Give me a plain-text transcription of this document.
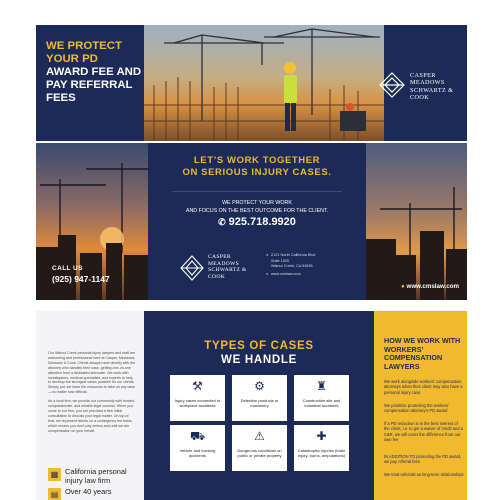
WE PROTECT YOUR PD
AWARD FEE AND PAY REFERRAL FEES
CASPER
MEADOWS
SCHWARTZ &
COOK
LET’S WORK TOGETHER
ON SERIOUS INJURY CASES.
WE PROTECT YOUR WORK
AND FOCUS ON THE BEST OUTCOME FOR THE CLIENT.
✆ 925.718.9920
CASPER
MEADOWS
SCHWARTZ &
COOK
● 2121 North California Blvd
Suite 1020
Walnut Creek, CA 94596
● www.cmslaw.com
CALL US
(925) 947-1147
● www.cmslaw.com

Our Walnut Creek personal injury lawyers and staff are welcoming and professional here at Casper, Meadows, Schwartz & Cook. Clients always meet directly with the attorney who handles their case, getting one-on-one attention from a dedicated advocate. We work with investigators, medical specialists, and experts to help to develop the strongest cases possible for our clients. Simply put, we have the resources to take on any case—no matter how difficult.

As a local firm, we provide our community with trusted, compassionate, and reliable legal counsel. When you come to our firm, you are provided a free initial consultation to discuss your legal matter. On top of that, we represent clients on a contingency fee basis, which means you don't pay unless and until we win compensation on your behalf.

▦ California personal injury law firm
▤ Over 40 years
TYPES OF CASES
WE HANDLE
⚒
Injury cases connected to workplace accidents
⚙
Defective products or machinery
♜
Construction site and industrial accidents
⛟
Vehicle and trucking accidents
⚠
Dangerous conditions on public or private property
✚
Catastrophic injuries (brain injury, burns, amputations)
HOW WE WORK WITH WORKERS’ COMPENSATION LAWYERS
We work alongside workers' compensation attorneys when their client may also have a personal injury case
We prioritize protecting the workers' compensation attorney's PD award
If a PD reduction is in the best interest of the client, i.e. to get a waiver of credit and a C&R, we will cover the difference from our own fee
IN ADDITION TO protecting the PD award, we pay referral fees
We treat referrals as long-term relationships
